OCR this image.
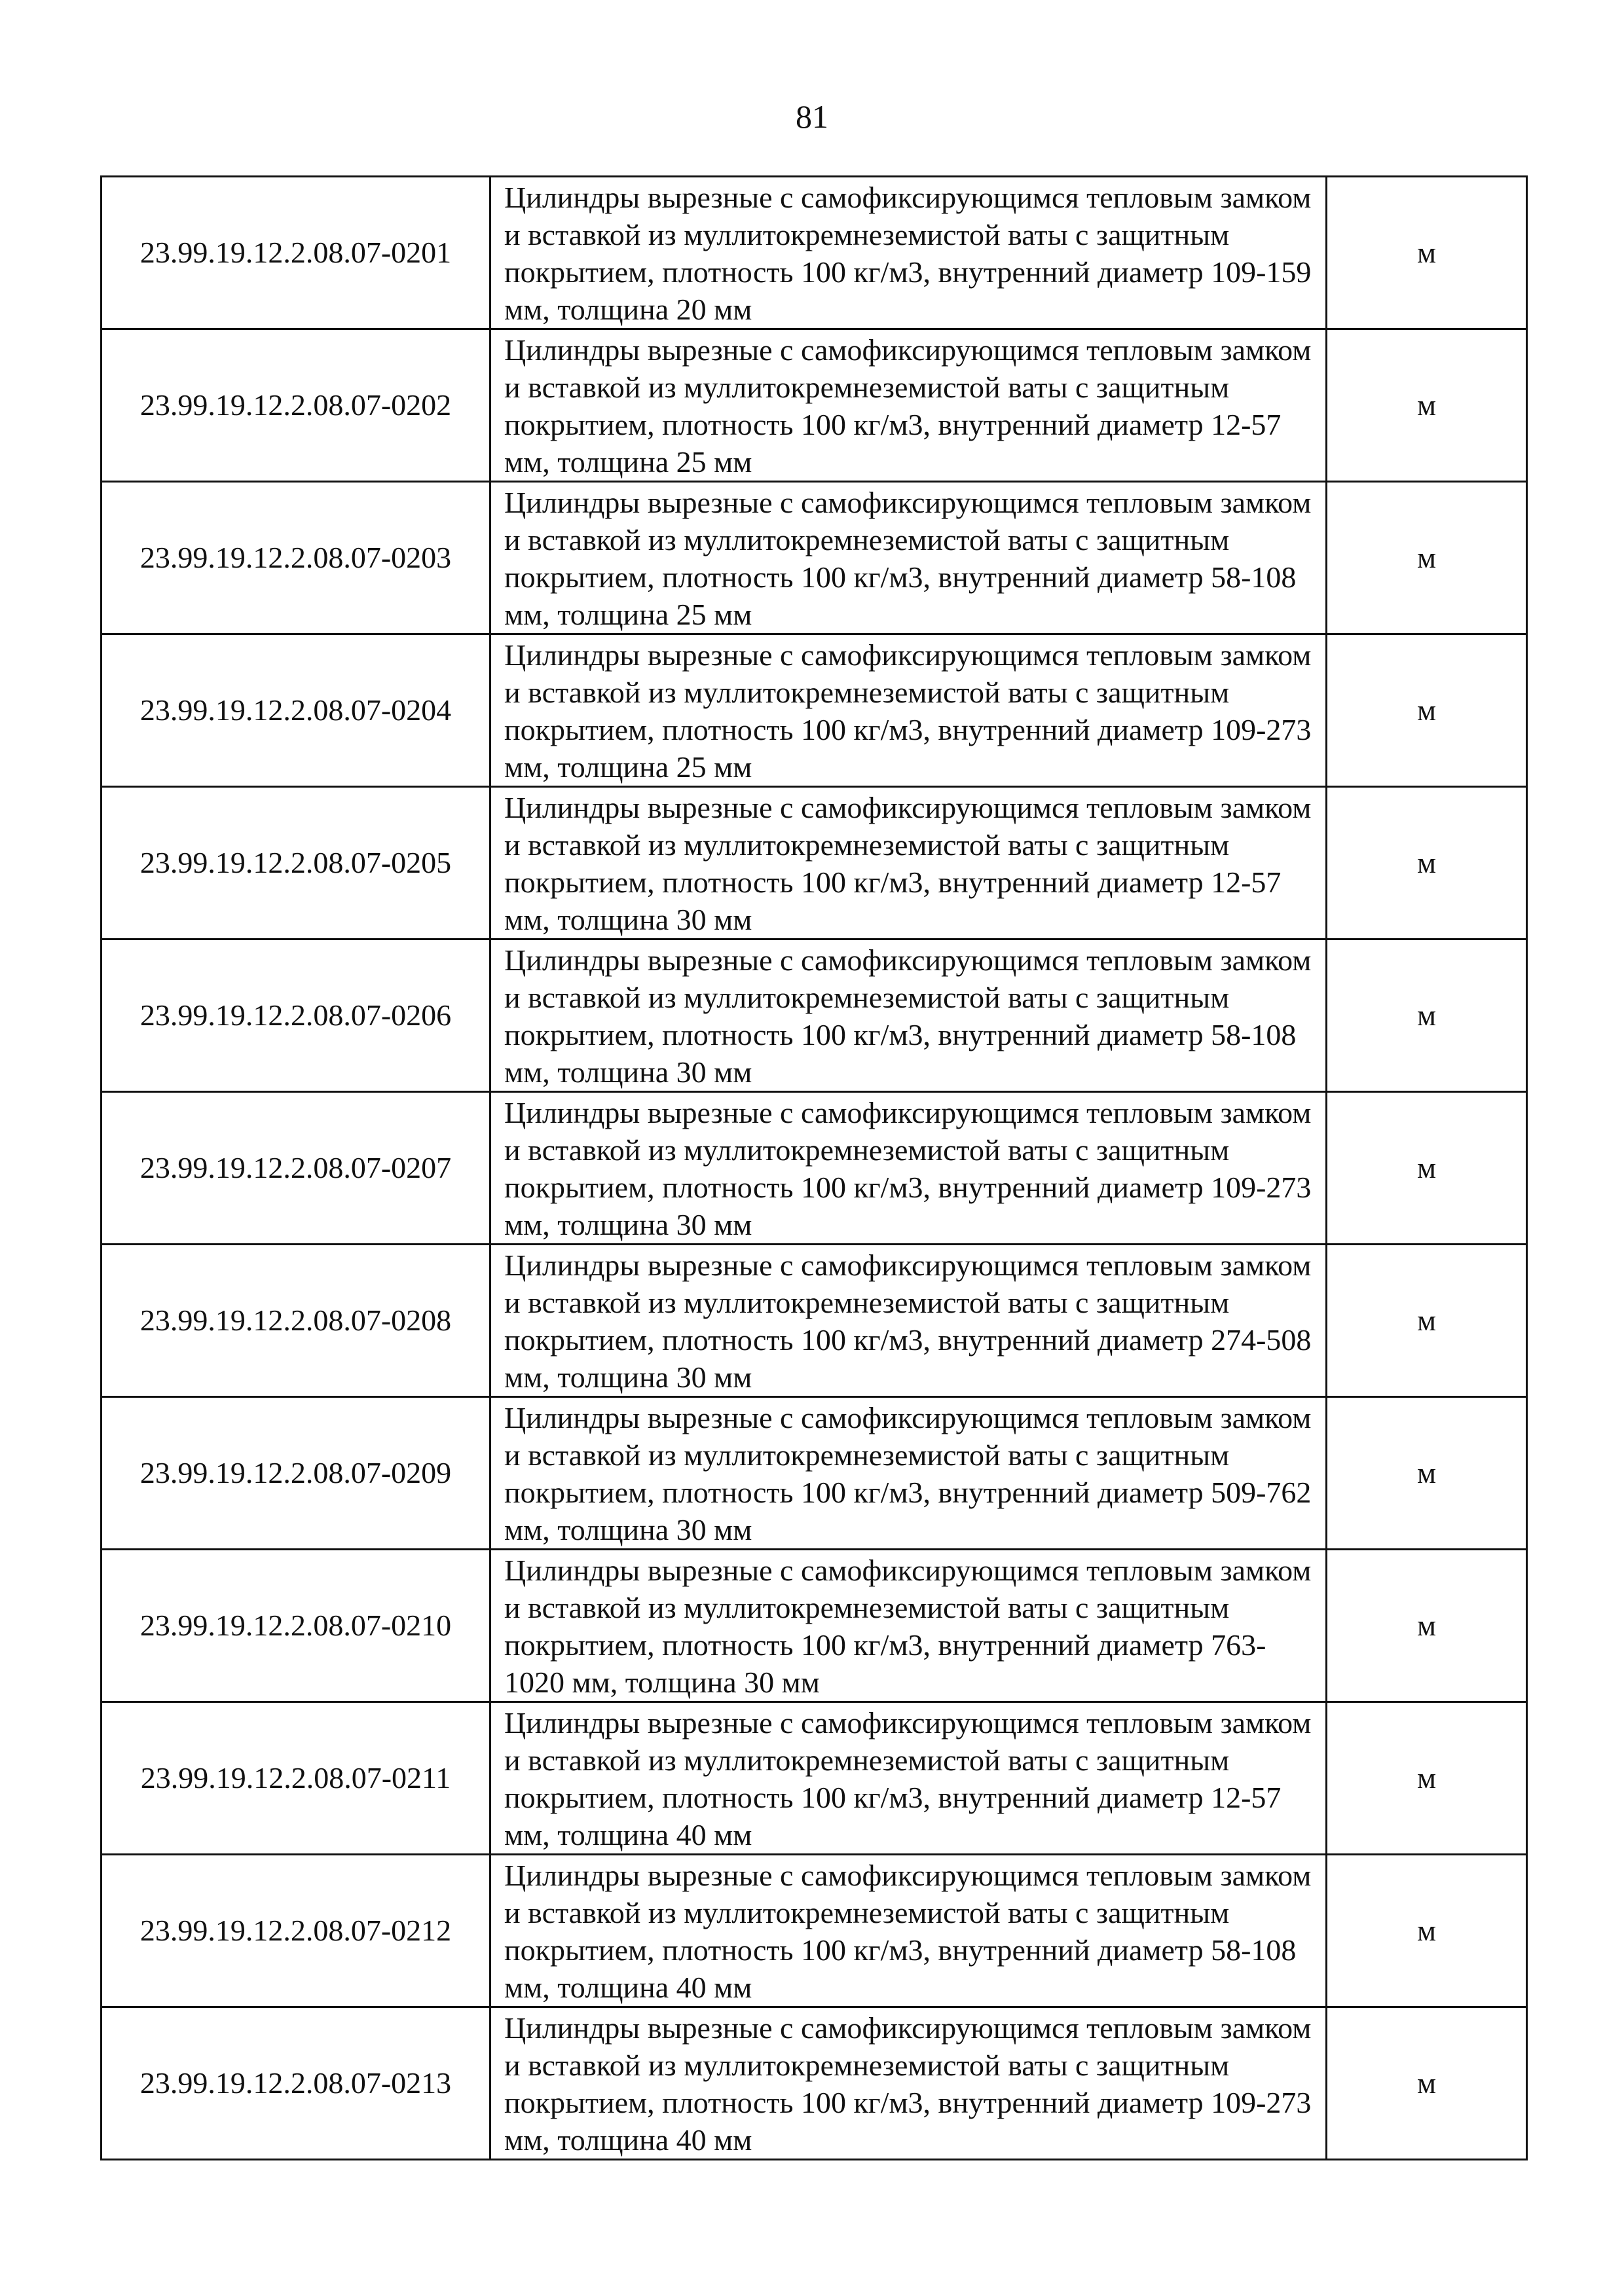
81
23.99.19.12.2.08.07-0201	Цилиндры вырезные с самофиксирующимся тепловым замком и вставкой из муллитокремнеземистой ваты с защитным покрытием, плотность 100 кг/м3, внутренний диаметр 109-159 мм, толщина 20 мм	м
23.99.19.12.2.08.07-0202	Цилиндры вырезные с самофиксирующимся тепловым замком и вставкой из муллитокремнеземистой ваты с защитным покрытием, плотность 100 кг/м3, внутренний диаметр 12-57 мм, толщина 25 мм	м
23.99.19.12.2.08.07-0203	Цилиндры вырезные с самофиксирующимся тепловым замком и вставкой из муллитокремнеземистой ваты с защитным покрытием, плотность 100 кг/м3, внутренний диаметр 58-108 мм, толщина 25 мм	м
23.99.19.12.2.08.07-0204	Цилиндры вырезные с самофиксирующимся тепловым замком и вставкой из муллитокремнеземистой ваты с защитным покрытием, плотность 100 кг/м3, внутренний диаметр 109-273 мм, толщина 25 мм	м
23.99.19.12.2.08.07-0205	Цилиндры вырезные с самофиксирующимся тепловым замком и вставкой из муллитокремнеземистой ваты с защитным покрытием, плотность 100 кг/м3, внутренний диаметр 12-57 мм, толщина 30 мм	м
23.99.19.12.2.08.07-0206	Цилиндры вырезные с самофиксирующимся тепловым замком и вставкой из муллитокремнеземистой ваты с защитным покрытием, плотность 100 кг/м3, внутренний диаметр 58-108 мм, толщина 30 мм	м
23.99.19.12.2.08.07-0207	Цилиндры вырезные с самофиксирующимся тепловым замком и вставкой из муллитокремнеземистой ваты с защитным покрытием, плотность 100 кг/м3, внутренний диаметр 109-273 мм, толщина 30 мм	м
23.99.19.12.2.08.07-0208	Цилиндры вырезные с самофиксирующимся тепловым замком и вставкой из муллитокремнеземистой ваты с защитным покрытием, плотность 100 кг/м3, внутренний диаметр 274-508 мм, толщина 30 мм	м
23.99.19.12.2.08.07-0209	Цилиндры вырезные с самофиксирующимся тепловым замком и вставкой из муллитокремнеземистой ваты с защитным покрытием, плотность 100 кг/м3, внутренний диаметр 509-762 мм, толщина 30 мм	м
23.99.19.12.2.08.07-0210	Цилиндры вырезные с самофиксирующимся тепловым замком и вставкой из муллитокремнеземистой ваты с защитным покрытием, плотность 100 кг/м3, внутренний диаметр 763-1020 мм, толщина 30 мм	м
23.99.19.12.2.08.07-0211	Цилиндры вырезные с самофиксирующимся тепловым замком и вставкой из муллитокремнеземистой ваты с защитным покрытием, плотность 100 кг/м3, внутренний диаметр 12-57 мм, толщина 40 мм	м
23.99.19.12.2.08.07-0212	Цилиндры вырезные с самофиксирующимся тепловым замком и вставкой из муллитокремнеземистой ваты с защитным покрытием, плотность 100 кг/м3, внутренний диаметр 58-108 мм, толщина 40 мм	м
23.99.19.12.2.08.07-0213	Цилиндры вырезные с самофиксирующимся тепловым замком и вставкой из муллитокремнеземистой ваты с защитным покрытием, плотность 100 кг/м3, внутренний диаметр 109-273 мм, толщина 40 мм	м
